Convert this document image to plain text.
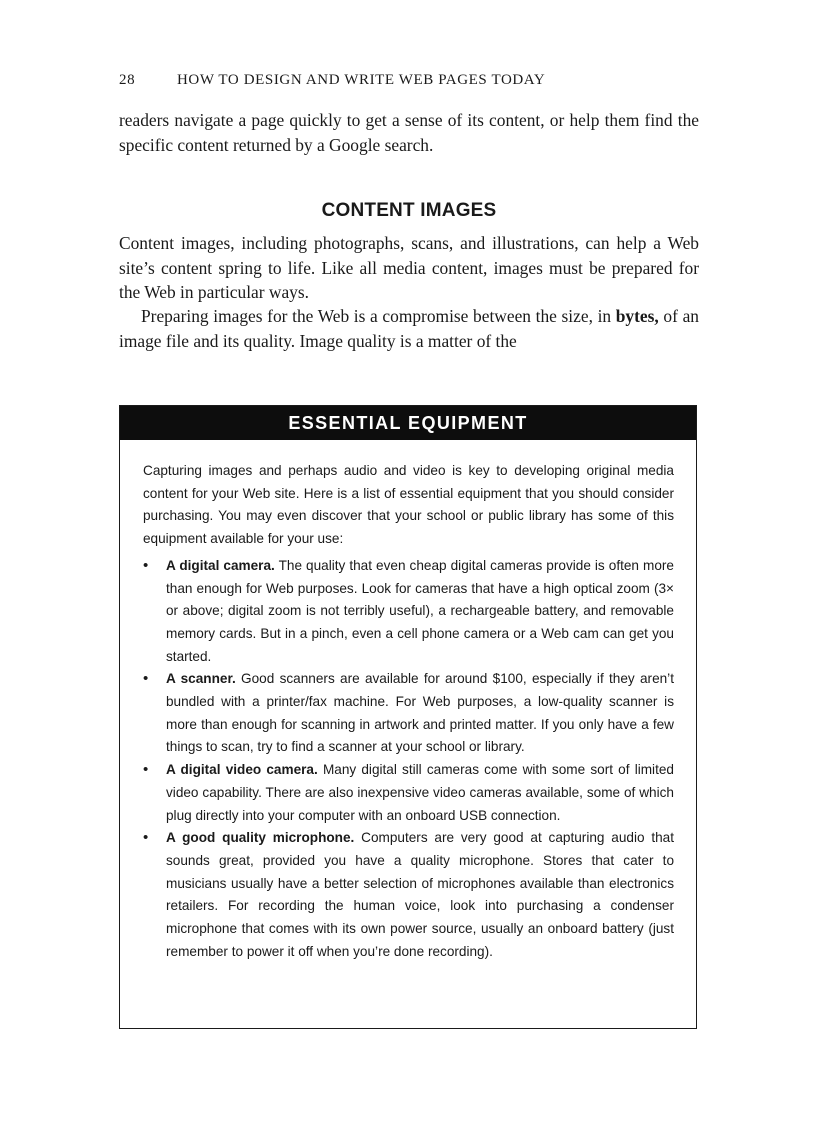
28	HOW TO DESIGN AND WRITE WEB PAGES TODAY

readers navigate a page quickly to get a sense of its content, or help them find the specific content returned by a Google search.

CONTENT IMAGES

Content images, including photographs, scans, and illustrations, can help a Web site’s content spring to life. Like all media content, images must be prepared for the Web in particular ways.

Preparing images for the Web is a compromise between the size, in bytes, of an image file and its quality. Image quality is a matter of the

ESSENTIAL EQUIPMENT

Capturing images and perhaps audio and video is key to developing original media content for your Web site. Here is a list of essential equipment that you should consider purchasing. You may even discover that your school or public library has some of this equipment available for your use:

• A digital camera. The quality that even cheap digital cameras provide is often more than enough for Web purposes. Look for cameras that have a high optical zoom (3× or above; digital zoom is not terribly useful), a rechargeable battery, and removable memory cards. But in a pinch, even a cell phone camera or a Web cam can get you started.
• A scanner. Good scanners are available for around $100, especially if they aren’t bundled with a printer/fax machine. For Web purposes, a low-quality scanner is more than enough for scanning in artwork and printed matter. If you only have a few things to scan, try to find a scanner at your school or library.
• A digital video camera. Many digital still cameras come with some sort of limited video capability. There are also inexpensive video cameras available, some of which plug directly into your computer with an onboard USB connection.
• A good quality microphone. Computers are very good at capturing audio that sounds great, provided you have a quality microphone. Stores that cater to musicians usually have a better selection of microphones available than electronics retailers. For recording the human voice, look into purchasing a condenser microphone that comes with its own power source, usually an onboard battery (just remember to power it off when you’re done recording).
